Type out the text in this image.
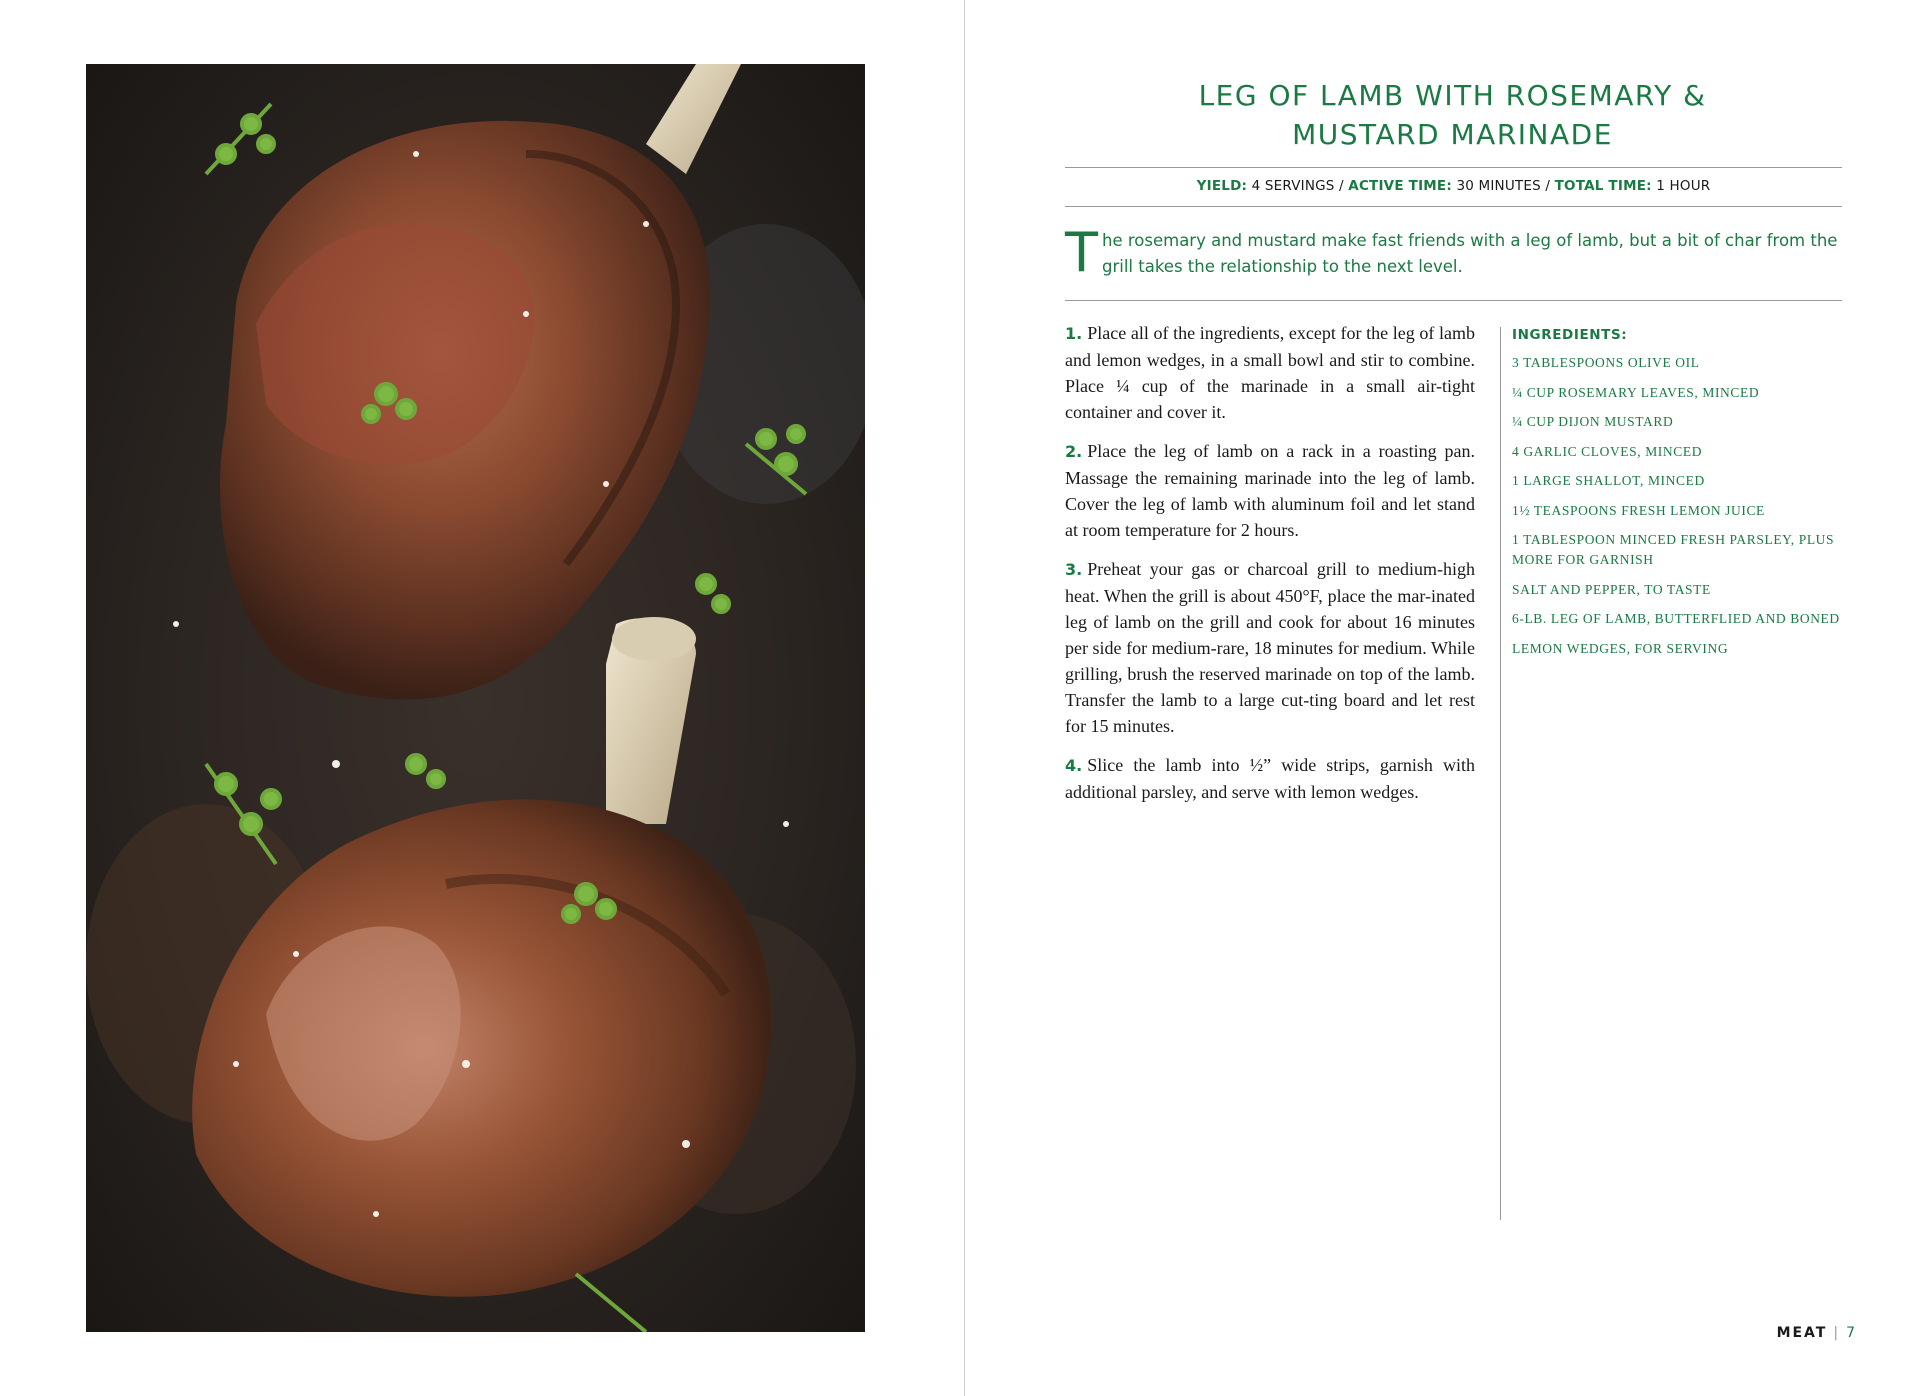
LEG OF LAMB WITH ROSEMARY &
MUSTARD MARINADE
YIELD: 4 SERVINGS / ACTIVE TIME: 30 MINUTES / TOTAL TIME: 1 HOUR
The rosemary and mustard make fast friends with a leg of lamb, but a bit of char from the grill takes the relationship to the next level.

1. Place all of the ingredients, except for the leg of lamb and lemon wedges, in a small bowl and stir to combine. Place ¼ cup of the marinade in a small air-tight container and cover it.

2. Place the leg of lamb on a rack in a roasting pan. Massage the remaining marinade into the leg of lamb. Cover the leg of lamb with aluminum foil and let stand at room temperature for 2 hours.

3. Preheat your gas or charcoal grill to medium-high heat. When the grill is about 450°F, place the mar-inated leg of lamb on the grill and cook for about 16 minutes per side for medium-rare, 18 minutes for medium. While grilling, brush the reserved marinade on top of the lamb. Transfer the lamb to a large cut-ting board and let rest for 15 minutes.

4. Slice the lamb into ½” wide strips, garnish with additional parsley, and serve with lemon wedges.

INGREDIENTS:
3 TABLESPOONS OLIVE OIL
¼ CUP ROSEMARY LEAVES, MINCED
¼ CUP DIJON MUSTARD
4 GARLIC CLOVES, MINCED
1 LARGE SHALLOT, MINCED
1½ TEASPOONS FRESH LEMON JUICE
1 TABLESPOON MINCED FRESH PARSLEY, PLUS MORE FOR GARNISH
SALT AND PEPPER, TO TASTE
6-LB. LEG OF LAMB, BUTTERFLIED AND BONED
LEMON WEDGES, FOR SERVING
MEAT | 7
